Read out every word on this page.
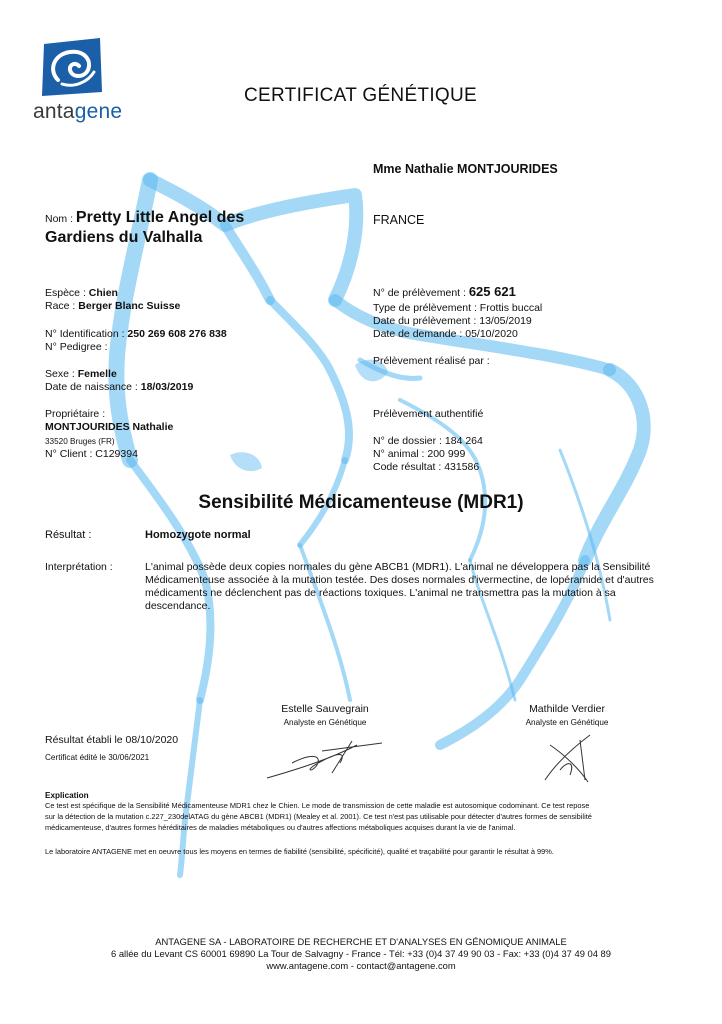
antagene
CERTIFICAT GÉNÉTIQUE
Mme Nathalie MONTJOURIDES
FRANCE
Nom : Pretty Little Angel des
Gardiens du Valhalla
Espèce : Chien
Race : Berger Blanc Suisse
N° Identification : 250 269 608 276 838
N° Pedigree :
Sexe : Femelle
Date de naissance : 18/03/2019
Propriétaire :
MONTJOURIDES Nathalie
33520 Bruges (FR)
N° Client : C129394
N° de prélèvement : 625 621
Type de prélèvement : Frottis buccal
Date du prélèvement : 13/05/2019
Date de demande : 05/10/2020
Prélèvement réalisé par :
Prélèvement authentifié
N° de dossier : 184 264
N° animal : 200 999
Code résultat : 431586
Sensibilité Médicamenteuse (MDR1)
Résultat :	Homozygote normal
Interprétation :	L'animal possède deux copies normales du gène ABCB1 (MDR1). L'animal ne développera pas la Sensibilité
Médicamenteuse associée à la mutation testée. Des doses normales d'ivermectine, de lopéramide et d'autres
médicaments ne déclenchent pas de réactions toxiques. L'animal ne transmettra pas la mutation à sa
descendance.
Estelle Sauvegrain
Analyste en Génétique
Mathilde Verdier
Analyste en Génétique
Résultat établi le 08/10/2020
Certificat édité le 30/06/2021
Explication
Ce test est spécifique de la Sensibilité Médicamenteuse MDR1 chez le Chien. Le mode de transmission de cette maladie est autosomique codominant. Ce test repose
sur la détection de la mutation c.227_230delATAG du gène ABCB1 (MDR1) (Mealey et al. 2001). Ce test n'est pas utilisable pour détecter d'autres formes de sensibilité
médicamenteuse, d'autres formes héréditaires de maladies métaboliques ou d'autres affections métaboliques acquises durant la vie de l'animal.
Le laboratoire ANTAGENE met en oeuvre tous les moyens en termes de fiabilité (sensibilité, spécificité), qualité et traçabilité pour garantir le résultat à 99%.
ANTAGENE SA - LABORATOIRE DE RECHERCHE ET D'ANALYSES EN GÉNOMIQUE ANIMALE
6 allée du Levant CS 60001 69890 La Tour de Salvagny - France - Tél: +33 (0)4 37 49 90 03 - Fax: +33 (0)4 37 49 04 89
www.antagene.com - contact@antagene.com
